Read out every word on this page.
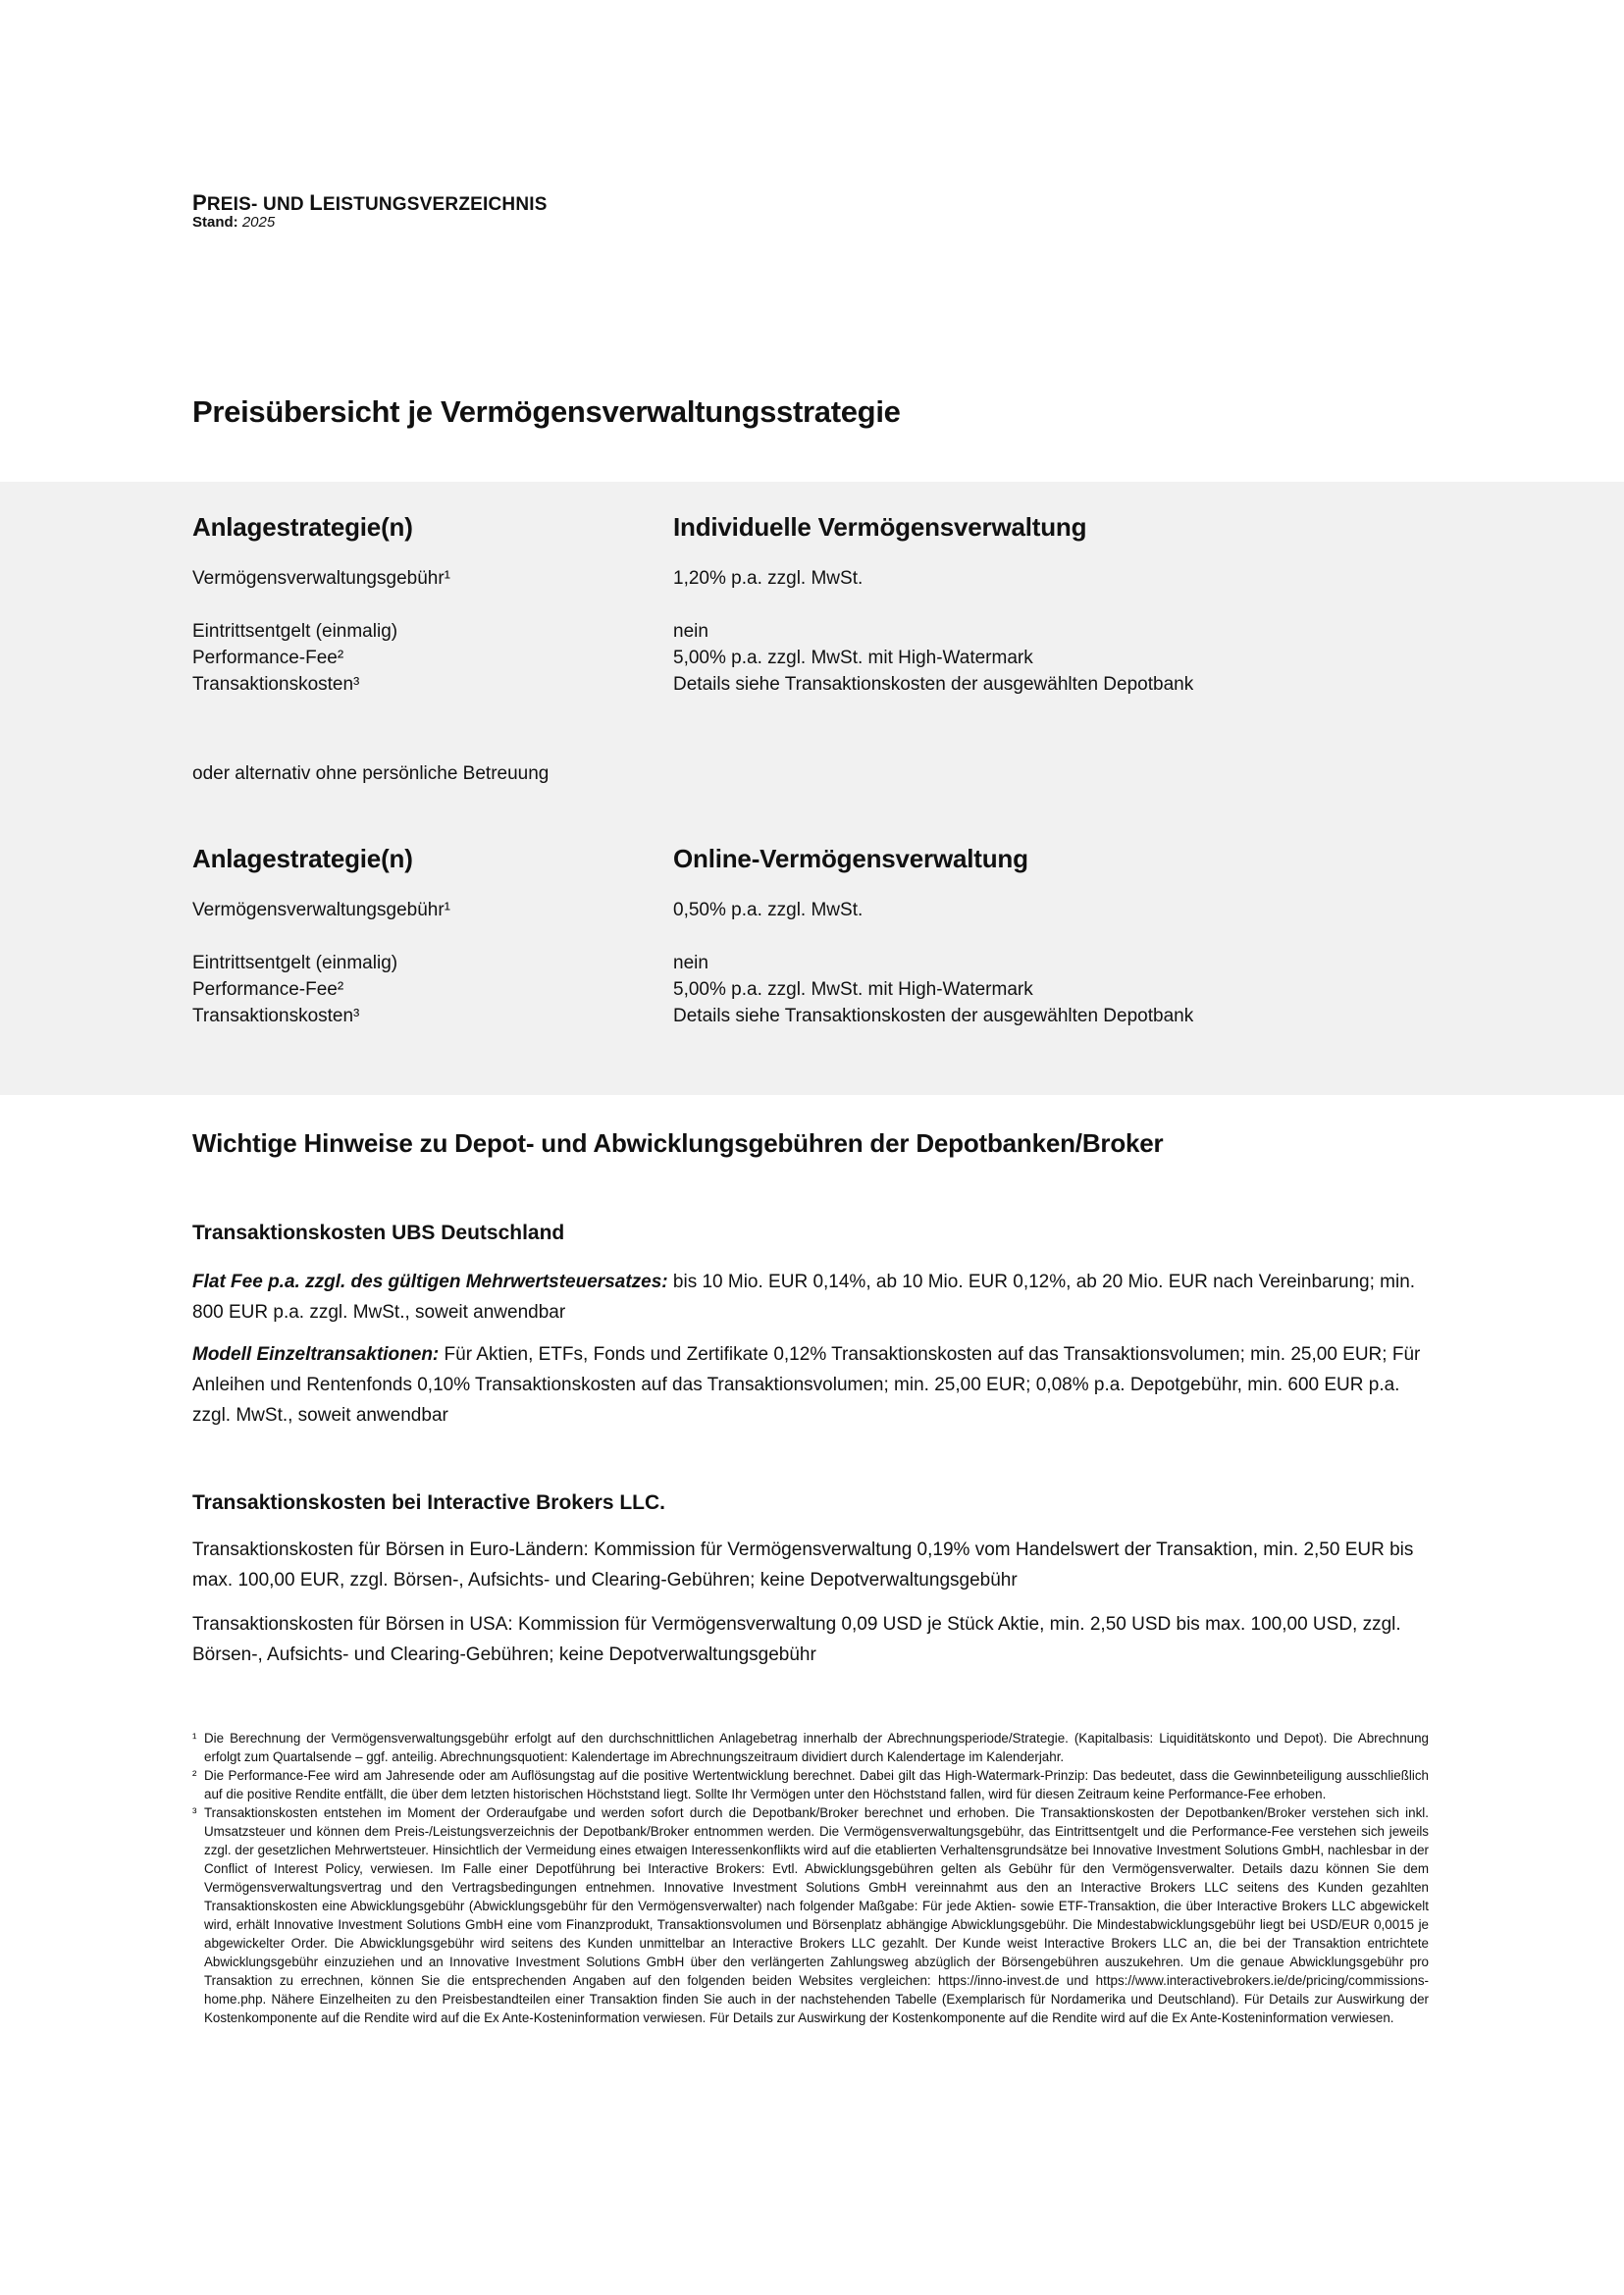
PREIS- UND LEISTUNGSVERZEICHNIS
Stand: 2025
Preisübersicht je Vermögensverwaltungsstrategie
Anlagestrategie(n)	Individuelle Vermögensverwaltung
Vermögensverwaltungsgebühr¹	1,20% p.a. zzgl. MwSt.
Eintrittsentgelt (einmalig)	nein
Performance-Fee²	5,00% p.a. zzgl. MwSt. mit High-Watermark
Transaktionskosten³	Details siehe Transaktionskosten der ausgewählten Depotbank
oder alternativ ohne persönliche Betreuung
Anlagestrategie(n)	Online-Vermögensverwaltung
Vermögensverwaltungsgebühr¹	0,50% p.a. zzgl. MwSt.
Eintrittsentgelt (einmalig)	nein
Performance-Fee²	5,00% p.a. zzgl. MwSt. mit High-Watermark
Transaktionskosten³	Details siehe Transaktionskosten der ausgewählten Depotbank
Wichtige Hinweise zu Depot- und Abwicklungsgebühren der Depotbanken/Broker
Transaktionskosten UBS Deutschland
Flat Fee p.a. zzgl. des gültigen Mehrwertsteuersatzes: bis 10 Mio. EUR 0,14%, ab 10 Mio. EUR 0,12%, ab 20 Mio. EUR nach Vereinbarung; min. 800 EUR p.a. zzgl. MwSt., soweit anwendbar
Modell Einzeltransaktionen: Für Aktien, ETFs, Fonds und Zertifikate 0,12% Transaktionskosten auf das Transaktionsvolumen; min. 25,00 EUR; Für Anleihen und Rentenfonds 0,10% Transaktionskosten auf das Transaktionsvolumen; min. 25,00 EUR; 0,08% p.a. Depotgebühr, min. 600 EUR p.a. zzgl. MwSt., soweit anwendbar
Transaktionskosten bei Interactive Brokers LLC.
Transaktionskosten für Börsen in Euro-Ländern: Kommission für Vermögensverwaltung 0,19% vom Handelswert der Transaktion, min. 2,50 EUR bis max. 100,00 EUR, zzgl. Börsen-, Aufsichts- und Clearing-Gebühren; keine Depotverwaltungsgebühr
Transaktionskosten für Börsen in USA: Kommission für Vermögensverwaltung 0,09 USD je Stück Aktie, min. 2,50 USD bis max. 100,00 USD, zzgl. Börsen-, Aufsichts- und Clearing-Gebühren; keine Depotverwaltungsgebühr
¹ Die Berechnung der Vermögensverwaltungsgebühr erfolgt auf den durchschnittlichen Anlagebetrag innerhalb der Abrechnungsperiode/Strategie. (Kapitalbasis: Liquiditätskonto und Depot). Die Abrechnung erfolgt zum Quartalsende – ggf. anteilig. Abrechnungsquotient: Kalendertage im Abrechnungszeitraum dividiert durch Kalendertage im Kalenderjahr.
² Die Performance-Fee wird am Jahresende oder am Auflösungstag auf die positive Wertentwicklung berechnet. Dabei gilt das High-Watermark-Prinzip: Das bedeutet, dass die Gewinnbeteiligung ausschließlich auf die positive Rendite entfällt, die über dem letzten historischen Höchststand liegt. Sollte Ihr Vermögen unter den Höchststand fallen, wird für diesen Zeitraum keine Performance-Fee erhoben.
³ Transaktionskosten entstehen im Moment der Orderaufgabe und werden sofort durch die Depotbank/Broker berechnet und erhoben. Die Transaktionskosten der Depotbanken/Broker verstehen sich inkl. Umsatzsteuer und können dem Preis-/Leistungsverzeichnis der Depotbank/Broker entnommen werden. Die Vermögensverwaltungsgebühr, das Eintrittsentgelt und die Performance-Fee verstehen sich jeweils zzgl. der gesetzlichen Mehrwertsteuer. Hinsichtlich der Vermeidung eines etwaigen Interessenkonflikts wird auf die etablierten Verhaltensgrundsätze bei Innovative Investment Solutions GmbH, nachlesbar in der Conflict of Interest Policy, verwiesen. Im Falle einer Depotführung bei Interactive Brokers: Evtl. Abwicklungsgebühren gelten als Gebühr für den Vermögensverwalter. Details dazu können Sie dem Vermögensverwaltungsvertrag und den Vertragsbedingungen entnehmen. Innovative Investment Solutions GmbH vereinnahmt aus den an Interactive Brokers LLC seitens des Kunden gezahlten Transaktionskosten eine Abwicklungsgebühr (Abwicklungsgebühr für den Vermögensverwalter) nach folgender Maßgabe: Für jede Aktien- sowie ETF-Transaktion, die über Interactive Brokers LLC abgewickelt wird, erhält Innovative Investment Solutions GmbH eine vom Finanzprodukt, Transaktionsvolumen und Börsenplatz abhängige Abwicklungsgebühr. Die Mindestabwicklungsgebühr liegt bei USD/EUR 0,0015 je abgewickelter Order. Die Abwicklungsgebühr wird seitens des Kunden unmittelbar an Interactive Brokers LLC gezahlt. Der Kunde weist Interactive Brokers LLC an, die bei der Transaktion entrichtete Abwicklungsgebühr einzuziehen und an Innovative Investment Solutions GmbH über den verlängerten Zahlungsweg abzüglich der Börsengebühren auszukehren. Um die genaue Abwicklungsgebühr pro Transaktion zu errechnen, können Sie die entsprechenden Angaben auf den folgenden beiden Websites vergleichen: https://inno-invest.de und https://www.interactivebrokers.ie/de/pricing/commissions-home.php. Nähere Einzelheiten zu den Preisbestandteilen einer Transaktion finden Sie auch in der nachstehenden Tabelle (Exemplarisch für Nordamerika und Deutschland). Für Details zur Auswirkung der Kostenkomponente auf die Rendite wird auf die Ex Ante-Kosteninformation verwiesen. Für Details zur Auswirkung der Kostenkomponente auf die Rendite wird auf die Ex Ante-Kosteninformation verwiesen.
